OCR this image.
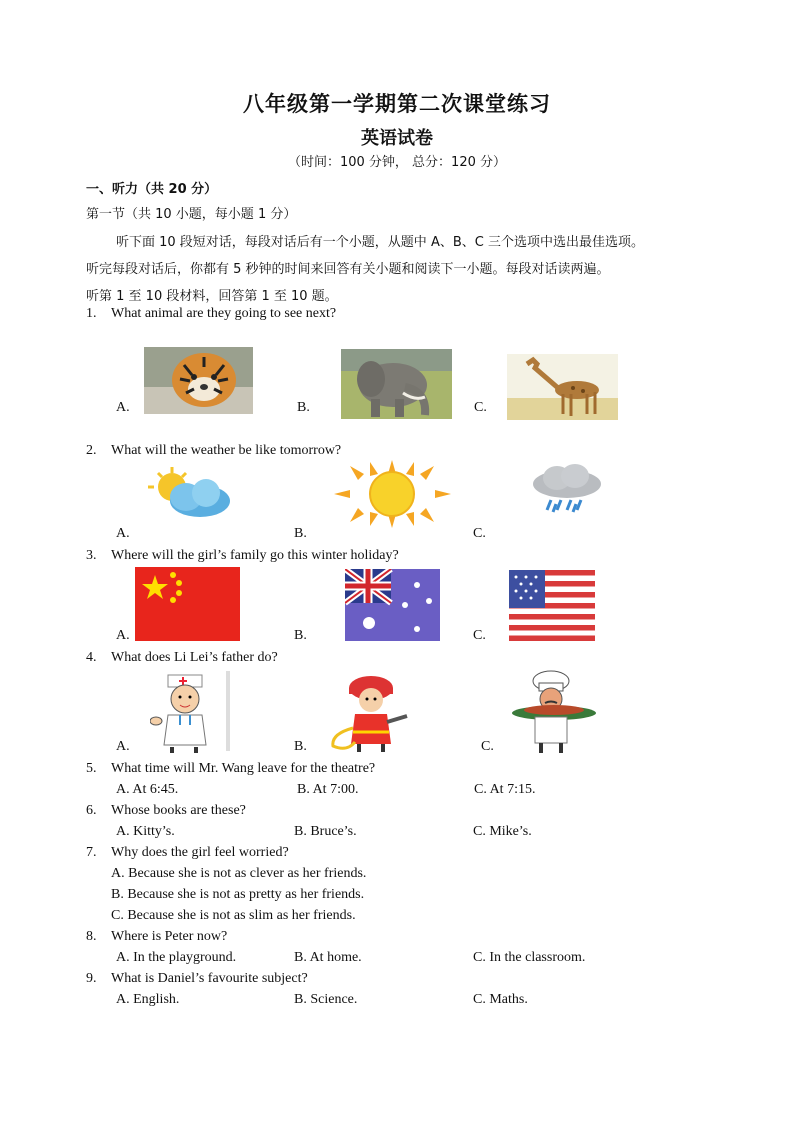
八年级第一学期第二次课堂练习
英语试卷
（时间：100 分钟， 总分：120 分）
一、听力（共 20 分）
第一节（共 10 小题，每小题 1 分）
听下面 10 段短对话，每段对话后有一个小题，从题中 A、B、C 三个选项中选出最佳选项。
听完每段对话后，你都有 5 秒钟的时间来回答有关小题和阅读下一小题。每段对话读两遍。
听第 1 至 10 段材料，回答第 1 至 10 题。
1. What animal are they going to see next?
A.	B.	C.
2. What will the weather be like tomorrow?
A.	B.	C.
3. Where will the girl’s family go this winter holiday?
A.	B.	C.
4. What does Li Lei’s father do?
A.	B.	C.
5. What time will Mr. Wang leave for the theatre?
A. At 6:45.	B. At 7:00.	C. At 7:15.
6. Whose books are these?
A. Kitty’s.	B. Bruce’s.	C. Mike’s.
7. Why does the girl feel worried?
A. Because she is not as clever as her friends.
B. Because she is not as pretty as her friends.
C. Because she is not as slim as her friends.
8. Where is Peter now?
A. In the playground.	B. At home.	C. In the classroom.
9. What is Daniel’s favourite subject?
A. English.	B. Science.	C. Maths.
